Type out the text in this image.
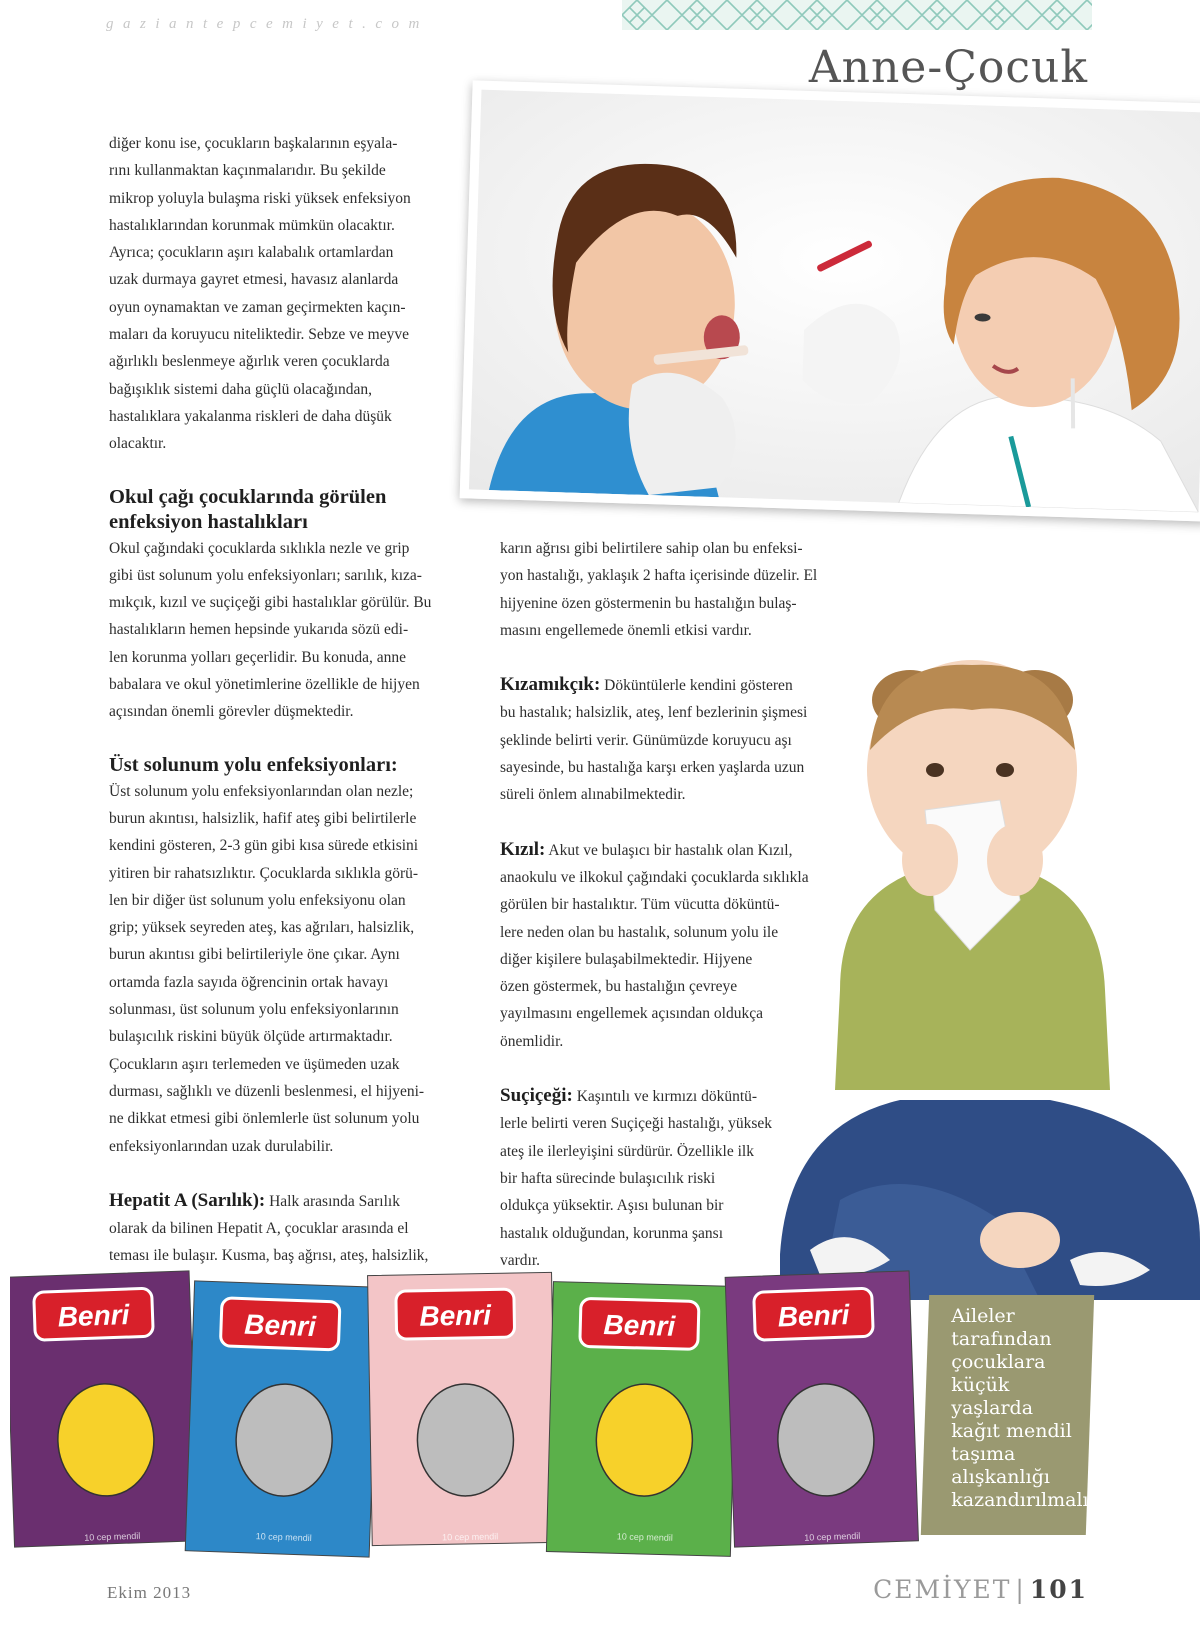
gaziantepcemiyet.com
Anne-Çocuk

diğer konu ise, çocukların başkalarının eşyala-

rını kullanmaktan kaçınmalarıdır. Bu şekilde

mikrop yoluyla bulaşma riski yüksek enfeksiyon

hastalıklarından korunmak mümkün olacaktır.

Ayrıca; çocukların aşırı kalabalık ortamlardan

uzak durmaya gayret etmesi, havasız alanlarda

oyun oynamaktan ve zaman geçirmekten kaçın-

maları da koruyucu niteliktedir. Sebze ve meyve

ağırlıklı beslenmeye ağırlık veren çocuklarda

bağışıklık sistemi daha güçlü olacağından,

hastalıklara yakalanma riskleri de daha düşük

olacaktır.

Okul çağı çocuklarında görülen
enfeksiyon hastalıkları

Okul çağındaki çocuklarda sıklıkla nezle ve grip

gibi üst solunum yolu enfeksiyonları; sarılık, kıza-

mıkçık, kızıl ve suçiçeği gibi hastalıklar görülür. Bu

hastalıkların hemen hepsinde yukarıda sözü edi-

len korunma yolları geçerlidir. Bu konuda, anne

babalara ve okul yönetimlerine özellikle de hijyen

açısından önemli görevler düşmektedir.

Üst solunum yolu enfeksiyonları:

Üst solunum yolu enfeksiyonlarından olan nezle;

burun akıntısı, halsizlik, hafif ateş gibi belirtilerle

kendini gösteren, 2-3 gün gibi kısa sürede etkisini

yitiren bir rahatsızlıktır. Çocuklarda sıklıkla görü-

len bir diğer üst solunum yolu enfeksiyonu olan

grip; yüksek seyreden ateş, kas ağrıları, halsizlik,

burun akıntısı gibi belirtileriyle öne çıkar. Aynı

ortamda fazla sayıda öğrencinin ortak havayı

solunması, üst solunum yolu enfeksiyonlarının

bulaşıcılık riskini büyük ölçüde artırmaktadır.

Çocukların aşırı terlemeden ve üşümeden uzak

durması, sağlıklı ve düzenli beslenmesi, el hijyeni-

ne dikkat etmesi gibi önlemlerle üst solunum yolu

enfeksiyonlarından uzak durulabilir.

Hepatit A (Sarılık): Halk arasında Sarılık

olarak da bilinen Hepatit A, çocuklar arasında el

teması ile bulaşır. Kusma, baş ağrısı, ateş, halsizlik,

karın ağrısı gibi belirtilere sahip olan bu enfeksi-

yon hastalığı, yaklaşık 2 hafta içerisinde düzelir. El

hijyenine özen göstermenin bu hastalığın bulaş-

masını engellemede önemli etkisi vardır.

Kızamıkçık: Döküntülerle kendini gösteren

bu hastalık; halsizlik, ateş, lenf bezlerinin şişmesi

şeklinde belirti verir. Günümüzde koruyucu aşı

sayesinde, bu hastalığa karşı erken yaşlarda uzun

süreli önlem alınabilmektedir.

Kızıl: Akut ve bulaşıcı bir hastalık olan Kızıl,

anaokulu ve ilkokul çağındaki çocuklarda sıklıkla

görülen bir hastalıktır. Tüm vücutta döküntü-

lere neden olan bu hastalık, solunum yolu ile

diğer kişilere bulaşabilmektedir. Hijyene

özen göstermek, bu hastalığın çevreye

yayılmasını engellemek açısından oldukça

önemlidir.

Suçiçeği: Kaşıntılı ve kırmızı döküntü-

lerle belirti veren Suçiçeği hastalığı, yüksek

ateş ile ilerleyişini sürdürür. Özellikle ilk

bir hafta sürecinde bulaşıcılık riski

oldukça yüksektir. Aşısı bulunan bir

hastalık olduğundan, korunma şansı

vardır.

Benri
10 cep mendil
Benri
10 cep mendil
Benri
10 cep mendil
Benri
10 cep mendil
Benri
10 cep mendil
Aileler
tarafından
çocuklara
küçük yaşlarda
kağıt mendil
taşıma
alışkanlığı
kazandırılmalı..
Ekim 2013	CEMİYET | 101
